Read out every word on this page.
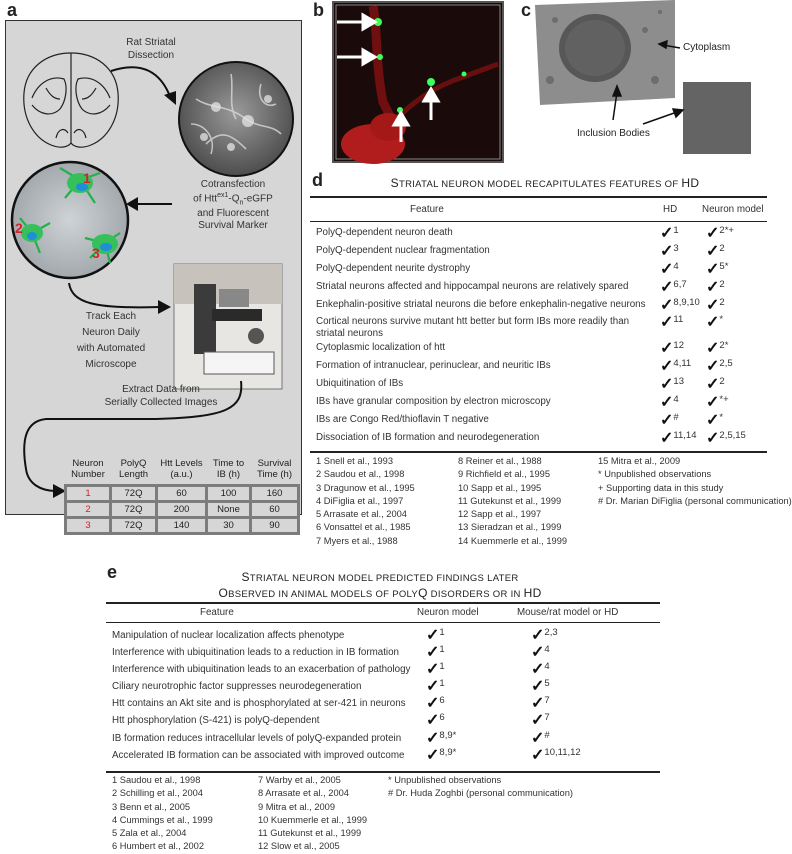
a
Rat Striatal
Dissection
Cotransfection
of $Htt^{ex1}-Q_n$-eGFP
and Fluorescent
Survival Marker
1
2
3
Track Each
Neuron Daily
with Automated
Microscope
Extract Data from
Serially Collected Images
Neuron
Number	PolyQ
Length	Htt Levels
(a.u.)	Time to
IB (h)	Survival
Time (h)
1	72Q	60	100	160
2	72Q	200	None	60
3	72Q	140	30	90
b	c
Cytoplasm
Inclusion Bodies
d	STRIATAL NEURON MODEL RECAPITULATES FEATURES OF HD
Feature	HD	Neuron model
1 Snell et al., 1993
2 Saudou et al., 1998
3 Dragunow et al., 1995
4 DiFiglia et al., 1997
5 Arrasate et al., 2004
6 Vonsattel et al., 1985
7 Myers et al., 1988
8 Reiner et al., 1988
9 Richfield et al., 1995
10 Sapp et al., 1995
11 Gutekunst et al., 1999
12 Sapp et al., 1997
13 Sieradzan et al., 1999
14 Kuemmerle et al., 1999
15 Mitra et al., 2009
* Unpublished observations
+ Supporting data in this study
# Dr. Marian DiFiglia (personal communication)
e	STRIATAL NEURON MODEL PREDICTED FINDINGS LATER
OBSERVED IN ANIMAL MODELS OF POLYQ DISORDERS OR IN HD
Feature	Neuron model	Mouse/rat model or HD
1 Saudou et al., 1998
2 Schilling et al., 2004
3 Benn et al., 2005
4 Cummings et al., 1999
5 Zala et al., 2004
6 Humbert et al., 2002
7 Warby et al., 2005
8 Arrasate et al., 2004
9 Mitra et al., 2009
10 Kuemmerle et al., 1999
11 Gutekunst et al., 1999
12 Slow et al., 2005
* Unpublished observations
# Dr. Huda Zoghbi (personal communication)
PolyQ-dependent neuron death	✓$^1$ ✓$^{2*+}$
PolyQ-dependent nuclear fragmentation	✓$^3$ ✓$^2$
PolyQ-dependent neurite dystrophy	✓$^4$ ✓$^{5*}$
Striatal neurons affected and hippocampal neurons are relatively spared	✓$^{6,7}$ ✓$^2$
Enkephalin-positive striatal neurons die before enkephalin-negative neurons ✓$^{8,9,10}$ ✓$^2$
Cortical neurons survive mutant htt better but form IBs more readily than
striatal neurons
✓$^{11}$ ✓*
Cytoplasmic localization of htt	✓$^{12}$ ✓$^{2*}$
Formation of intranuclear, perinuclear, and neuritic IBs	✓$^{4,11}$ ✓$^{2,5}$
Ubiquitination of IBs	✓$^{13}$ ✓$^2$
IBs have granular composition by electron microscopy	✓$^4$ ✓*+
IBs are Congo Red/thioflavin T negative	✓# ✓*
Dissociation of IB formation and neurodegeneration	✓$^{11,14}$ ✓$^{2,5,15}$
Manipulation of nuclear localization affects phenotype	✓$^1$	✓$^{2,3}$
Interference with ubiquitination leads to a reduction in IB formation	✓$^1$	✓$^4$
Interference with ubiquitination leads to an exacerbation of pathology ✓$^1$	✓$^4$
Ciliary neurotrophic factor suppresses neurodegeneration	✓$^1$	✓$^5$
Htt contains an Akt site and is phosphorylated at ser-421 in neurons	✓$^6$	✓$^7$
Htt phosphorylation (S-421) is polyQ-dependent	✓$^6$	✓$^7$
IB formation reduces intracellular levels of polyQ-expanded protein	✓$^{8,9*}$	✓#
Accelerated IB formation can be associated with improved outcome	✓$^{8,9*}$	✓$^{10,11,12}$
